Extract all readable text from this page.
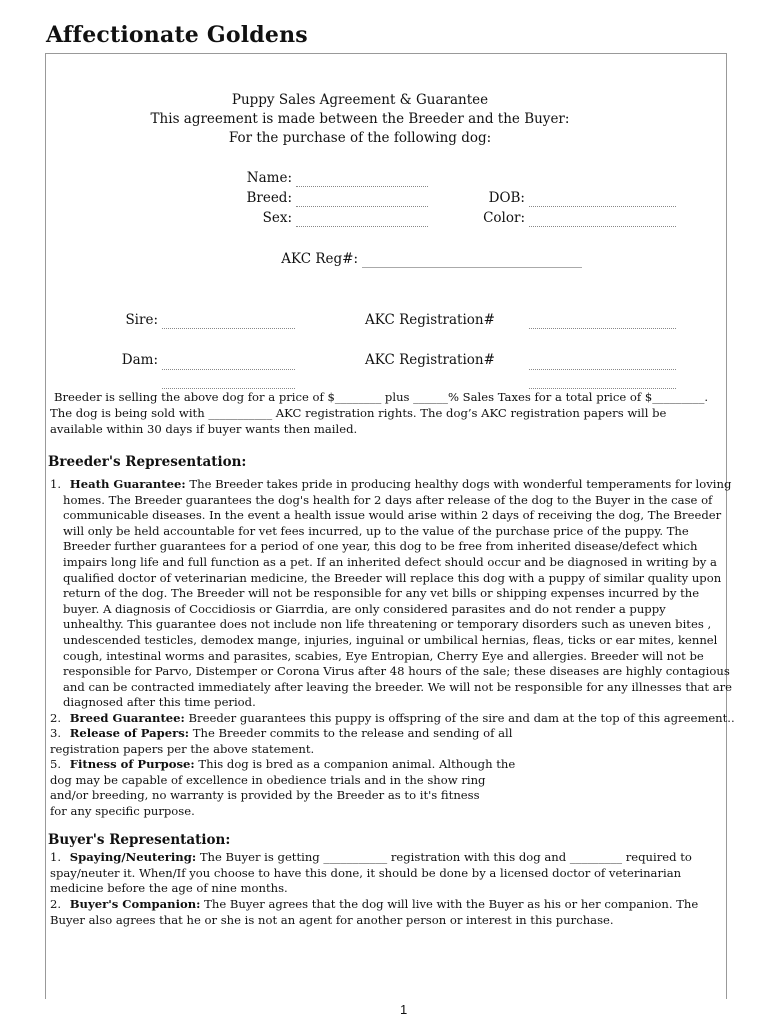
Affectionate Goldens
Puppy Sales Agreement & Guarantee
This agreement is made between the Breeder and the Buyer:
For the purchase of the following dog:
Name:
Breed:
Sex:
DOB:
Color:
AKC Reg#:
Sire:	AKC Registration#
Dam:	AKC Registration#
Breeder is selling the above dog for a price of $________ plus ______% Sales Taxes for a total price of $_________.
The dog is being sold with ___________ AKC registration rights. The dog’s AKC registration papers will be
available within 30 days if buyer wants then mailed.
Breeder's Representation:
1. Heath Guarantee: The Breeder takes pride in producing healthy dogs with wonderful temperaments for loving
homes. The Breeder guarantees the dog's health for 2 days after release of the dog to the Buyer in the case of
communicable diseases. In the event a health issue would arise within 2 days of receiving the dog, The Breeder
will only be held accountable for vet fees incurred, up to the value of the purchase price of the puppy. The
Breeder further guarantees for a period of one year, this dog to be free from inherited disease/defect which
impairs long life and full function as a pet. If an inherited defect should occur and be diagnosed in writing by a
qualified doctor of veterinarian medicine, the Breeder will replace this dog with a puppy of similar quality upon
return of the dog. The Breeder will not be responsible for any vet bills or shipping expenses incurred by the
buyer. A diagnosis of Coccidiosis or Giarrdia, are only considered parasites and do not render a puppy
unhealthy. This guarantee does not include non life threatening or temporary disorders such as uneven bites ,
undescended testicles, demodex mange, injuries, inguinal or umbilical hernias, fleas, ticks or ear mites, kennel
cough, intestinal worms and parasites, scabies, Eye Entropian, Cherry Eye and allergies. Breeder will not be
responsible for Parvo, Distemper or Corona Virus after 48 hours of the sale; these diseases are highly contagious
and can be contracted immediately after leaving the breeder. We will not be responsible for any illnesses that are
diagnosed after this time period.
2. Breed Guarantee: Breeder guarantees this puppy is offspring of the sire and dam at the top of this agreement..
3. Release of Papers: The Breeder commits to the release and sending of all
registration papers per the above statement.
5. Fitness of Purpose: This dog is bred as a companion animal. Although the
dog may be capable of excellence in obedience trials and in the show ring
and/or breeding, no warranty is provided by the Breeder as to it's fitness
for any specific purpose.
Buyer's Representation:
1. Spaying/Neutering: The Buyer is getting ___________ registration with this dog and _________ required to
spay/neuter it. When/If you choose to have this done, it should be done by a licensed doctor of veterinarian
medicine before the age of nine months.
2. Buyer's Companion: The Buyer agrees that the dog will live with the Buyer as his or her companion. The
Buyer also agrees that he or she is not an agent for another person or interest in this purchase.
1
